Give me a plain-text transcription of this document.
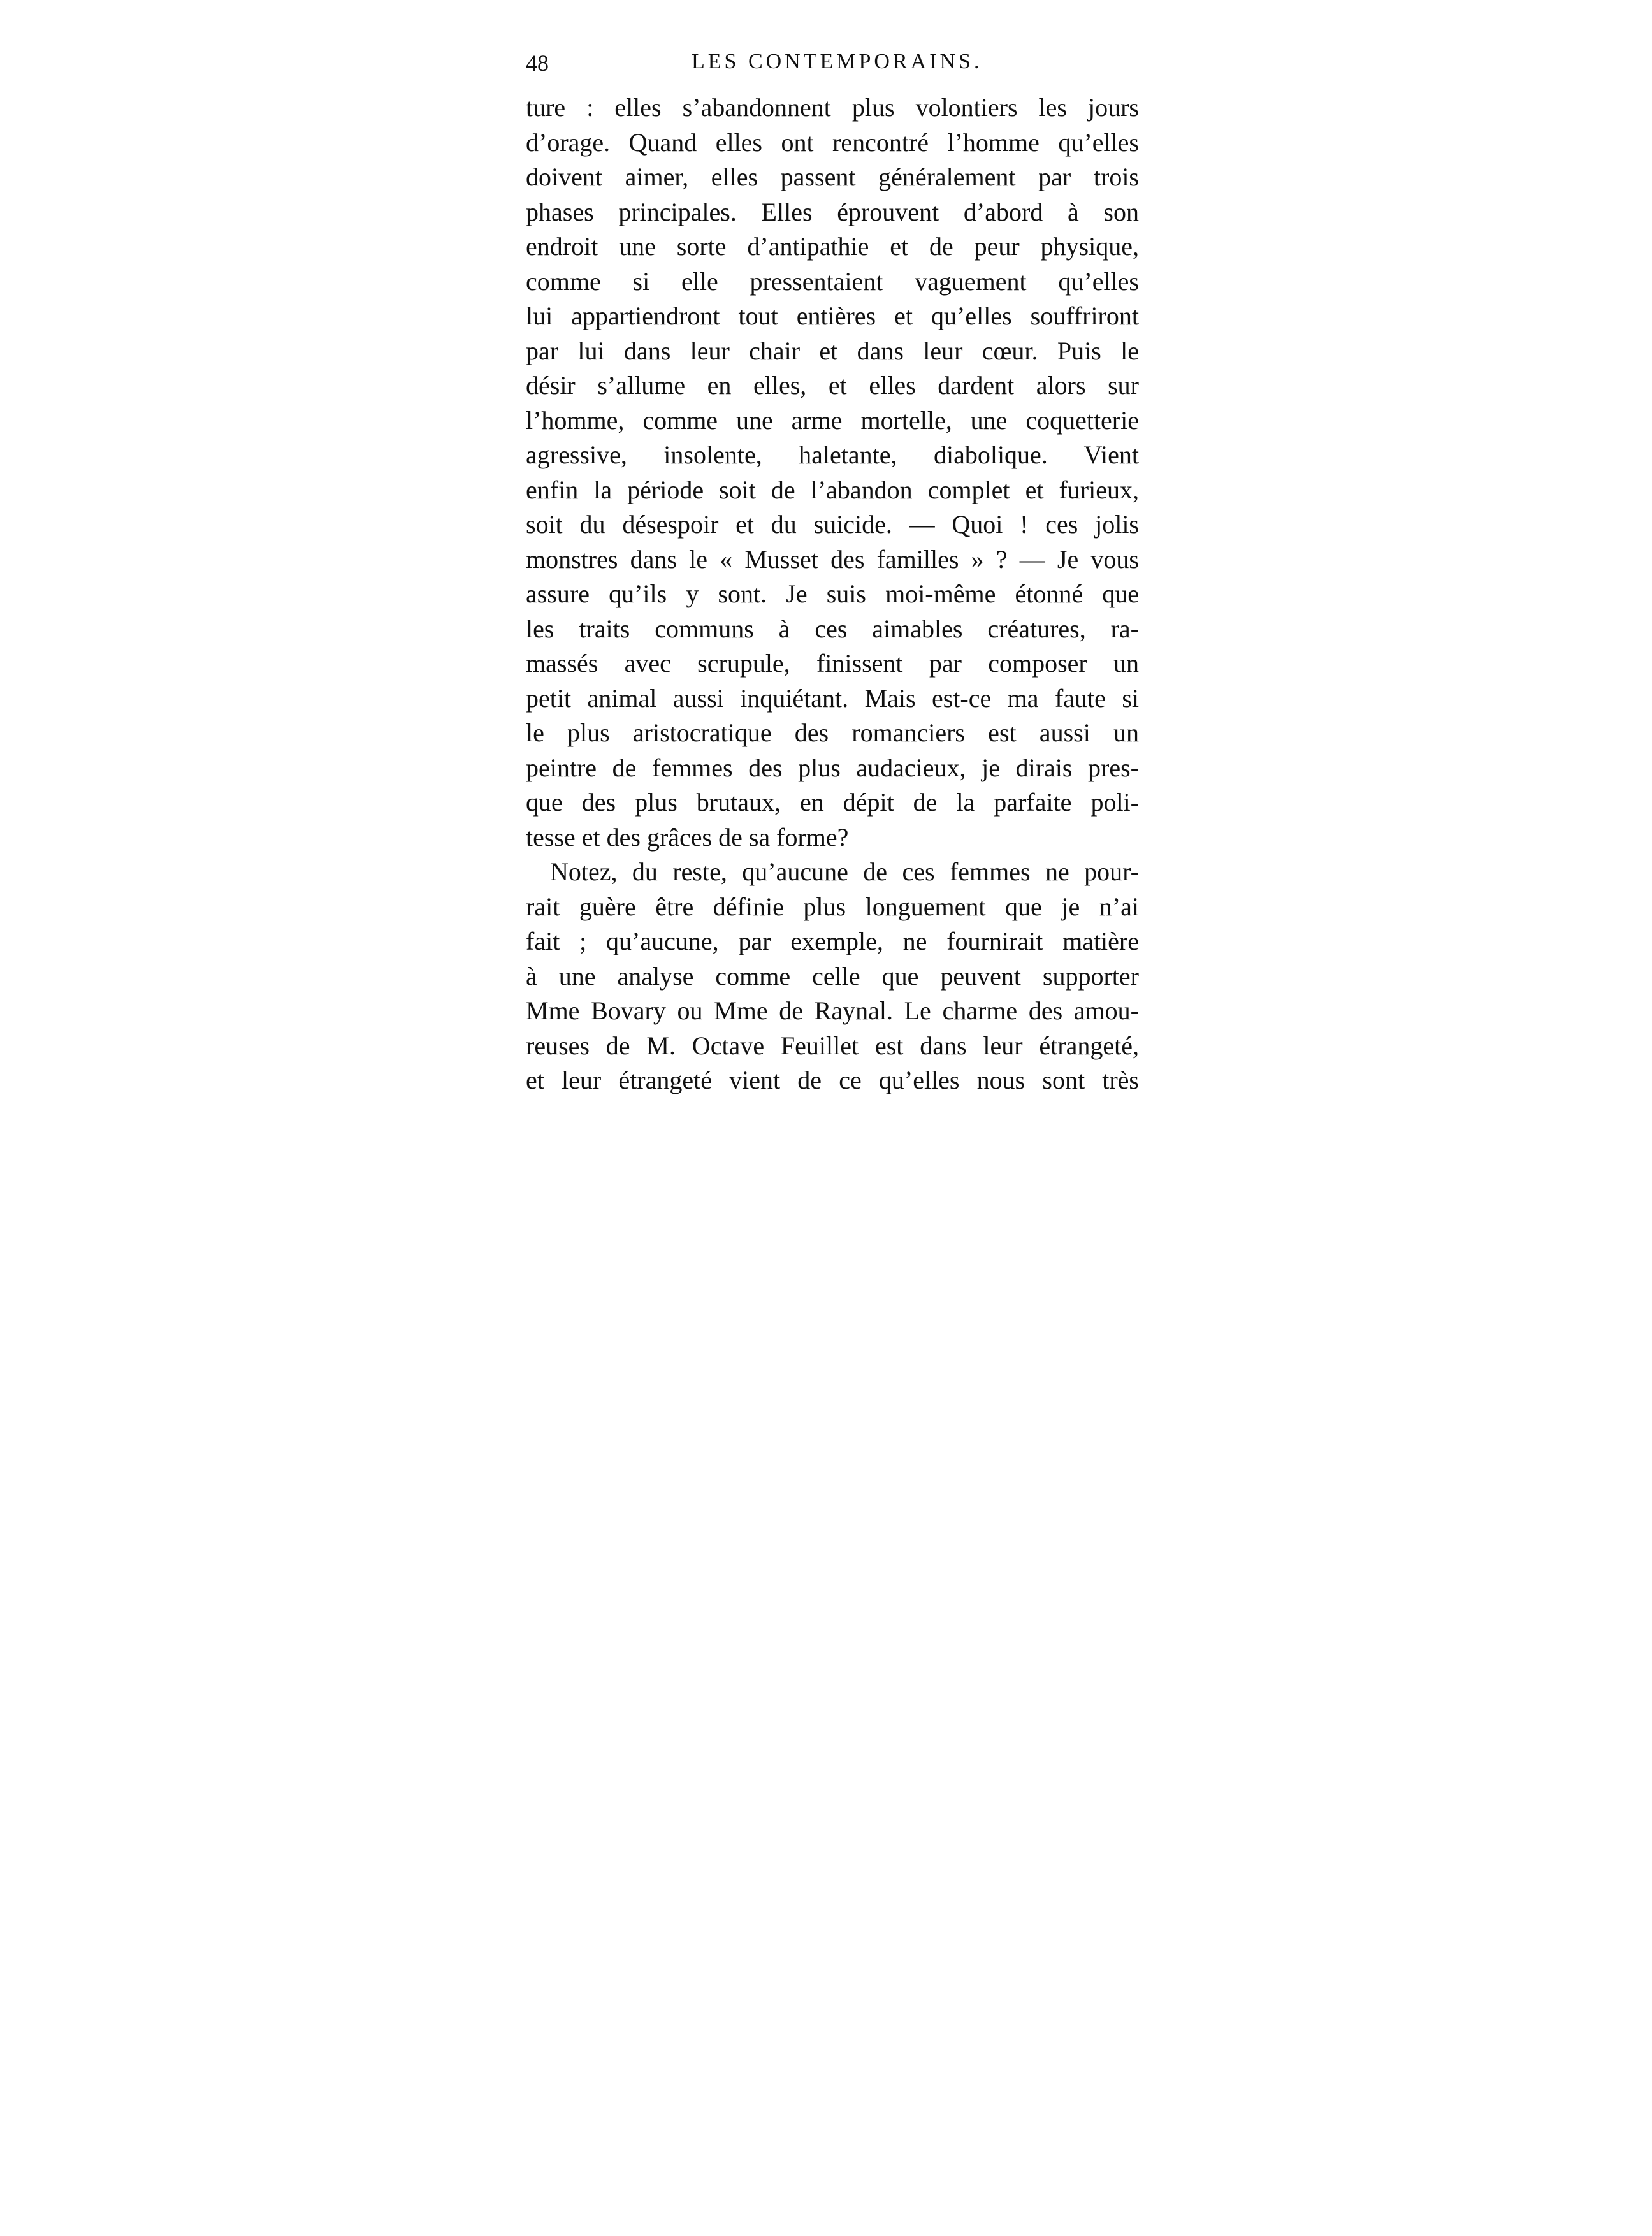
48	LES CONTEMPORAINS.
ture : elles s’abandonnent plus volontiers les jours
d’orage. Quand elles ont rencontré l’homme qu’elles
doivent aimer, elles passent généralement par trois
phases principales. Elles éprouvent d’abord à son
endroit une sorte d’antipathie et de peur physique,
comme si elle pressentaient vaguement qu’elles
lui appartiendront tout entières et qu’elles souffriront
par lui dans leur chair et dans leur cœur. Puis le
désir s’allume en elles, et elles dardent alors sur
l’homme, comme une arme mortelle, une coquetterie
agressive, insolente, haletante, diabolique. Vient
enfin la période soit de l’abandon complet et furieux,
soit du désespoir et du suicide. — Quoi ! ces jolis
monstres dans le « Musset des familles » ? — Je vous
assure qu’ils y sont. Je suis moi-même étonné que
les traits communs à ces aimables créatures, ra-
massés avec scrupule, finissent par composer un
petit animal aussi inquiétant. Mais est-ce ma faute si
le plus aristocratique des romanciers est aussi un
peintre de femmes des plus audacieux, je dirais pres-
que des plus brutaux, en dépit de la parfaite poli-
tesse et des grâces de sa forme?
Notez, du reste, qu’aucune de ces femmes ne pour-
rait guère être définie plus longuement que je n’ai
fait ; qu’aucune, par exemple, ne fournirait matière
à une analyse comme celle que peuvent supporter
Mme Bovary ou Mme de Raynal. Le charme des amou-
reuses de M. Octave Feuillet est dans leur étrangeté,
et leur étrangeté vient de ce qu’elles nous sont très
